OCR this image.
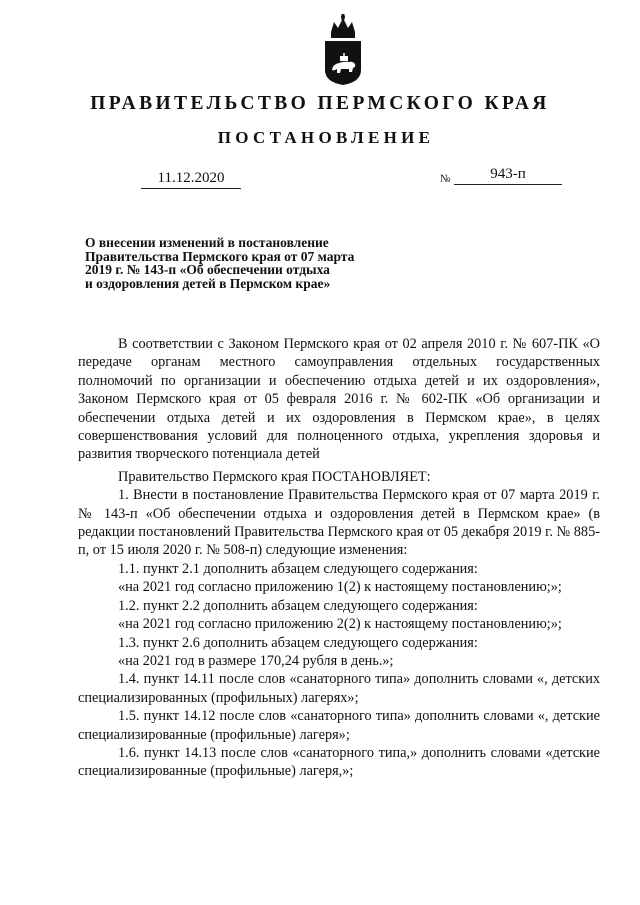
ПРАВИТЕЛЬСТВО ПЕРМСКОГО КРАЯ
ПОСТАНОВЛЕНИЕ
11.12.2020	№	943-п
О внесении изменений в постановление
Правительства Пермского края от 07 марта
2019 г. № 143-п «Об обеспечении отдыха
и оздоровления детей в Пермском крае»

В соответствии с Законом Пермского края от 02 апреля 2010 г. № 607-ПК «О передаче органам местного самоуправления отдельных государственных полномочий по организации и обеспечению отдыха детей и их оздоровления», Законом Пермского края от 05 февраля 2016 г. № 602-ПК «Об организации и обеспечении отдыха детей и их оздоровления в Пермском крае», в целях совершенствования условий для полноценного отдыха, укрепления здоровья и развития творческого потенциала детей

Правительство Пермского края ПОСТАНОВЛЯЕТ:

1. Внести в постановление Правительства Пермского края от 07 марта 2019 г. № 143-п «Об обеспечении отдыха и оздоровления детей в Пермском крае» (в редакции постановлений Правительства Пермского края от 05 декабря 2019 г. № 885-п, от 15 июля 2020 г. № 508-п) следующие изменения:

1.1. пункт 2.1 дополнить абзацем следующего содержания:

«на 2021 год согласно приложению 1(2) к настоящему постановлению;»;

1.2. пункт 2.2 дополнить абзацем следующего содержания:

«на 2021 год согласно приложению 2(2) к настоящему постановлению;»;

1.3. пункт 2.6 дополнить абзацем следующего содержания:

«на 2021 год в размере 170,24 рубля в день.»;

1.4. пункт 14.11 после слов «санаторного типа» дополнить словами «, детских специализированных (профильных) лагерях»;

1.5. пункт 14.12 после слов «санаторного типа» дополнить словами «, детские специализированные (профильные) лагеря»;

1.6. пункт 14.13 после слов «санаторного типа,» дополнить словами «детские специализированные (профильные) лагеря,»;
